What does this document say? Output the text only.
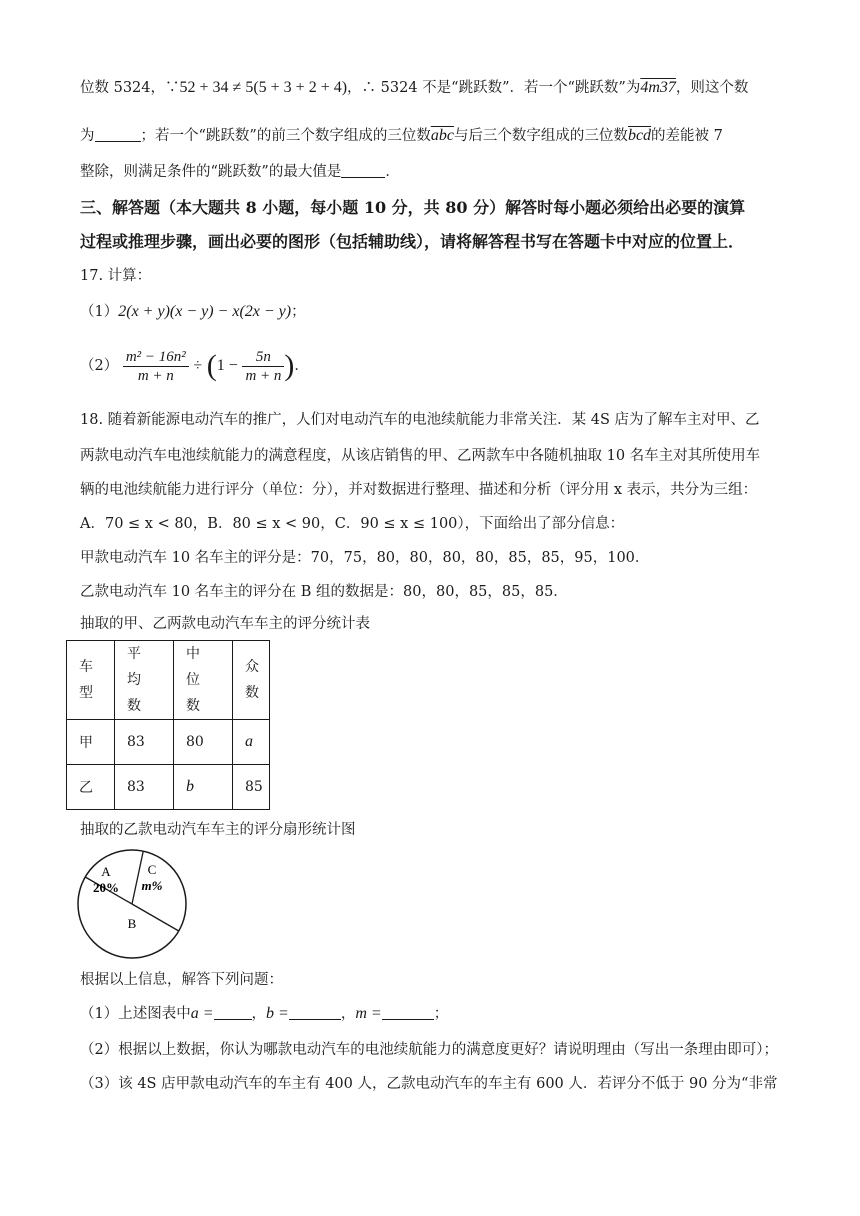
位数 5324，∵52 + 34 ≠ 5(5 + 3 + 2 + 4)，∴ 5324 不是“跳跃数”．若一个“跳跃数”为4m37，则这个数
为	；若一个“跳跃数”的前三个数字组成的三位数$\overline{abc}$与后三个数字组成的三位数$\overline{bcd}$的差能被 7
整除，则满足条件的“跳跃数”的最大值是	．
三、解答题（本大题共 8 小题，每小题 10 分，共 80 分）解答时每小题必须给出必要的演算
过程或推理步骤，画出必要的图形（包括辅助线），请将解答程书写在答题卡中对应的位置上．
17. 计算：
（1）2(x + y)(x − y) − x(2x − y)；
$(2) \frac{\text{m² − 16n²}}{m + n} \div (1 - \frac{5n}{m + n}$ )．
18. 随着新能源电动汽车的推广，人们对电动汽车的电池续航能力非常关注．某 4S 店为了解车主对甲、乙
两款电动汽车电池续航能力的满意程度，从该店销售的甲、乙两款车中各随机抽取 10 名车主对其所使用车
辆的电池续航能力进行评分（单位：分），并对数据进行整理、描述和分析（评分用 x 表示，共分为三组：
A．70 ≤ x < 80，B．80 ≤ x < 90，C．90 ≤ x ≤ 100），下面给出了部分信息：
甲款电动汽车 10 名车主的评分是：70，75，80，80，80，80，85，85，95，100．
乙款电动汽车 10 名车主的评分在 B 组的数据是：80，80，85，85，85．
抽取的甲、乙两款电动汽车车主的评分统计表
车型	平均数	中位数	众数
甲	83	80	a
乙	83	b	85
抽取的乙款电动汽车车主的评分扇形统计图
A
20%
C
m%
B
根据以上信息，解答下列问题：
（1）上述图表中a =	，b =	，m =	；
（2）根据以上数据，你认为哪款电动汽车的电池续航能力的满意度更好？请说明理由（写出一条理由即可）；
（3）该 4S 店甲款电动汽车的车主有 400 人，乙款电动汽车的车主有 600 人．若评分不低于 90 分为“非常
